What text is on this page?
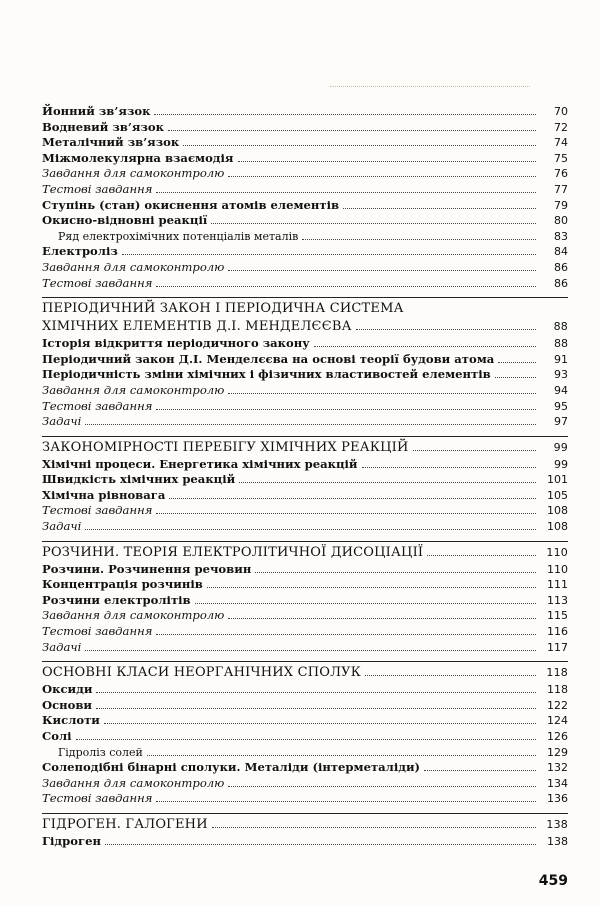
Йонний зв’язок	70
Водневий зв’язок	72
Металічний зв’язок	74
Міжмолекулярна взаємодія	75
Завдання для самоконтролю	76
Тестові завдання	77
Ступінь (стан) окиснення атомів елементів	79
Окисно-відновні реакції	80
Ряд електрохімічних потенціалів металів	83
Електроліз	84
Завдання для самоконтролю	86
Тестові завдання	86
ПЕРІОДИЧНИЙ ЗАКОН І ПЕРІОДИЧНА СИСТЕМА
ХІМІЧНИХ ЕЛЕМЕНТІВ Д.І. МЕНДЕЛЄЄВА	88
Історія відкриття періодичного закону	88
Періодичний закон Д.І. Менделєєва на основі теорії будови атома	91
Періодичність зміни хімічних і фізичних властивостей елементів	93
Завдання для самоконтролю	94
Тестові завдання	95
Задачі	97
ЗАКОНОМІРНОСТІ ПЕРЕБІГУ ХІМІЧНИХ РЕАКЦІЙ	99
Хімічні процеси. Енергетика хімічних реакцій	99
Швидкість хімічних реакцій	101
Хімічна рівновага	105
Тестові завдання	108
Задачі	108
РОЗЧИНИ. ТЕОРІЯ ЕЛЕКТРОЛІТИЧНОЇ ДИСОЦІАЦІЇ	110
Розчини. Розчинення речовин	110
Концентрація розчинів	111
Розчини електролітів	113
Завдання для самоконтролю	115
Тестові завдання	116
Задачі	117
ОСНОВНІ КЛАСИ НЕОРГАНІЧНИХ СПОЛУК	118
Оксиди	118
Основи	122
Кислоти	124
Солі	126
Гідроліз солей	129
Солеподібні бінарні сполуки. Металіди (інтерметаліди)	132
Завдання для самоконтролю	134
Тестові завдання	136
ГІДРОГЕН. ГАЛОГЕНИ	138
Гідроген	138
459
